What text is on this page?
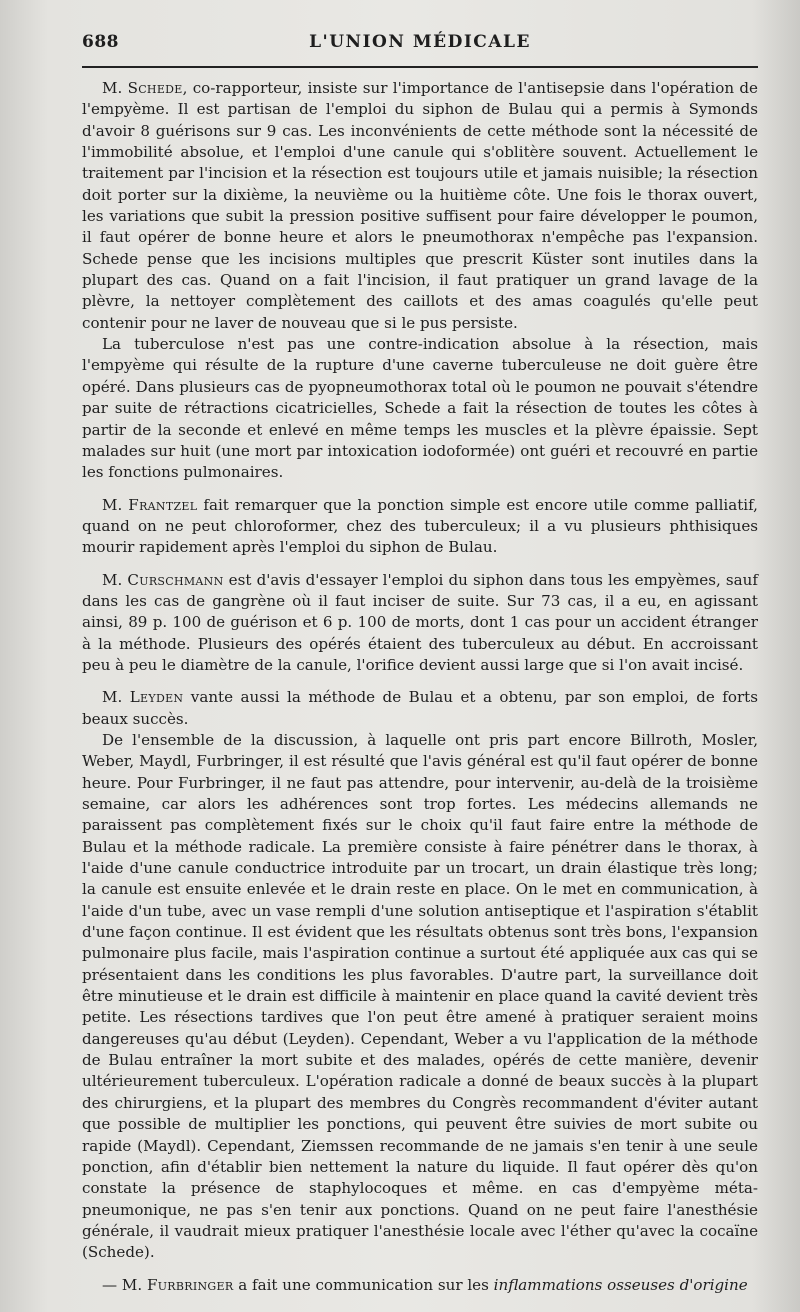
688	L'UNION MÉDICALE

M. Schede, co-rapporteur, insiste sur l'importance de l'antisepsie dans l'opération de l'empyème. Il est partisan de l'emploi du siphon de Bulau qui a permis à Symonds d'avoir 8 guérisons sur 9 cas. Les inconvénients de cette méthode sont la nécessité de l'immobilité absolue, et l'emploi d'une canule qui s'oblitère souvent. Actuellement le traitement par l'incision et la résection est toujours utile et jamais nuisible; la résection doit porter sur la dixième, la neuvième ou la huitième côte. Une fois le thorax ouvert, les variations que subit la pression positive suffisent pour faire développer le poumon, il faut opérer de bonne heure et alors le pneumothorax n'empêche pas l'expansion. Schede pense que les incisions multiples que prescrit Küster sont inutiles dans la plupart des cas. Quand on a fait l'incision, il faut pratiquer un grand lavage de la plèvre, la nettoyer complètement des caillots et des amas coagulés qu'elle peut contenir pour ne laver de nouveau que si le pus persiste.

La tuberculose n'est pas une contre-indication absolue à la résection, mais l'empyème qui résulte de la rupture d'une caverne tuberculeuse ne doit guère être opéré. Dans plusieurs cas de pyopneumothorax total où le poumon ne pouvait s'étendre par suite de rétractions cicatricielles, Schede a fait la résection de toutes les côtes à partir de la seconde et enlevé en même temps les muscles et la plèvre épaissie. Sept malades sur huit (une mort par intoxication iodoformée) ont guéri et recouvré en partie les fonctions pulmonaires.

M. Frantzel fait remarquer que la ponction simple est encore utile comme palliatif, quand on ne peut chloroformer, chez des tuberculeux; il a vu plusieurs phthisiques mourir rapidement après l'emploi du siphon de Bulau.

M. Curschmann est d'avis d'essayer l'emploi du siphon dans tous les empyèmes, sauf dans les cas de gangrène où il faut inciser de suite. Sur 73 cas, il a eu, en agissant ainsi, 89 p. 100 de guérison et 6 p. 100 de morts, dont 1 cas pour un accident étranger à la méthode. Plusieurs des opérés étaient des tuberculeux au début. En accroissant peu à peu le diamètre de la canule, l'orifice devient aussi large que si l'on avait incisé.

M. Leyden vante aussi la méthode de Bulau et a obtenu, par son emploi, de forts beaux succès.

De l'ensemble de la discussion, à laquelle ont pris part encore Billroth, Mosler, Weber, Maydl, Furbringer, il est résulté que l'avis général est qu'il faut opérer de bonne heure. Pour Furbringer, il ne faut pas attendre, pour intervenir, au-delà de la troisième semaine, car alors les adhérences sont trop fortes. Les médecins allemands ne paraissent pas complètement fixés sur le choix qu'il faut faire entre la méthode de Bulau et la méthode radicale. La première consiste à faire pénétrer dans le thorax, à l'aide d'une canule conductrice introduite par un trocart, un drain élastique très long; la canule est ensuite enlevée et le drain reste en place. On le met en communication, à l'aide d'un tube, avec un vase rempli d'une solution antiseptique et l'aspiration s'établit d'une façon continue. Il est évident que les résultats obtenus sont très bons, l'expansion pulmonaire plus facile, mais l'aspiration continue a surtout été appliquée aux cas qui se présentaient dans les conditions les plus favorables. D'autre part, la surveillance doit être minutieuse et le drain est difficile à maintenir en place quand la cavité devient très petite. Les résections tardives que l'on peut être amené à pratiquer seraient moins dangereuses qu'au début (Leyden). Cependant, Weber a vu l'application de la méthode de Bulau entraîner la mort subite et des malades, opérés de cette manière, devenir ultérieurement tuberculeux. L'opération radicale a donné de beaux succès à la plupart des chirurgiens, et la plupart des membres du Congrès recommandent d'éviter autant que possible de multiplier les ponctions, qui peuvent être suivies de mort subite ou rapide (Maydl). Cependant, Ziemssen recommande de ne jamais s'en tenir à une seule ponction, afin d'établir bien nettement la nature du liquide. Il faut opérer dès qu'on constate la présence de staphylocoques et même. en cas d'empyème méta-pneumonique, ne pas s'en tenir aux ponctions. Quand on ne peut faire l'anesthésie générale, il vaudrait mieux pratiquer l'anesthésie locale avec l'éther qu'avec la cocaïne (Schede).

— M. Furbringer a fait une communication sur les inflammations osseuses d'origine
